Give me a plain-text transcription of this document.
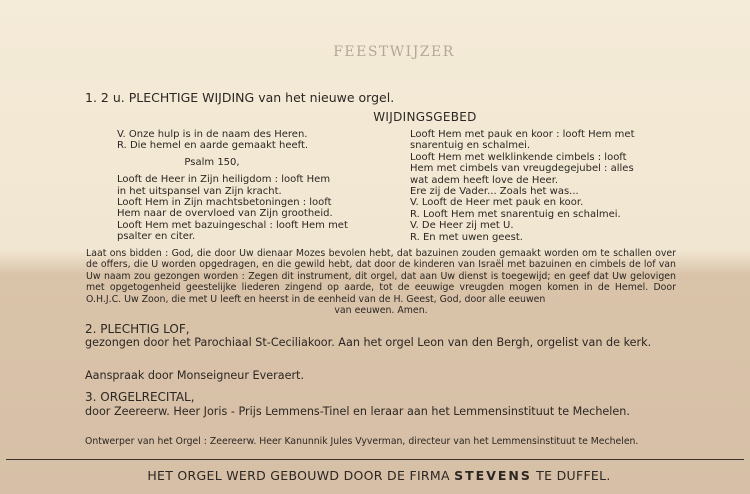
FEESTWIJZER
1. 2 u. PLECHTIGE WIJDING van het nieuwe orgel.
WIJDINGSGEBED
V. Onze hulp is in de naam des Heren.
R. Die hemel en aarde gemaakt heeft.
Psalm 150,
Looft de Heer in Zijn heiligdom : looft Hem
in het uitspansel van Zijn kracht.
Looft Hem in Zijn machtsbetoningen : looft
Hem naar de overvloed van Zijn grootheid.
Looft Hem met bazuingeschal : looft Hem met
psalter en citer.
Looft Hem met pauk en koor : looft Hem met
snarentuig en schalmei.
Looft Hem met welklinkende cimbels : looft
Hem met cimbels van vreugdegejubel : alles
wat adem heeft love de Heer.
Ere zij de Vader... Zoals het was...
V. Looft de Heer met pauk en koor.
R. Looft Hem met snarentuig en schalmei.
V. De Heer zij met U.
R. En met uwen geest.
Laat ons bidden : God, die door Uw dienaar Mozes bevolen hebt, dat bazuinen zouden gemaakt worden om te schallen over de offers, die U worden opgedragen, en die gewild hebt, dat door de kinderen van Israël met bazuinen en cimbels de lof van Uw naam zou gezongen worden : Zegen dit instrument, dit orgel, dat aan Uw dienst is toegewijd; en geef dat Uw gelovigen met opgetogenheid geestelijke liederen zingend op aarde, tot de eeuwige vreugden mogen komen in de Hemel. Door O.H.J.C. Uw Zoon, die met U leeft en heerst in de eenheid van de H. Geest, God, door alle eeuwen
van eeuwen. Amen.
2. PLECHTIG LOF,
gezongen door het Parochiaal St-Ceciliakoor. Aan het orgel Leon van den Bergh, orgelist van de kerk.
Aanspraak door Monseigneur Everaert.
3. ORGELRECITAL,
door Zeereerw. Heer Joris - Prijs Lemmens-Tinel en leraar aan het Lemmensinstituut te Mechelen.
Ontwerper van het Orgel : Zeereerw. Heer Kanunnik Jules Vyverman, directeur van het Lemmensinstituut te Mechelen.
HET ORGEL WERD GEBOUWD DOOR DE FIRMA STEVENS TE DUFFEL.
